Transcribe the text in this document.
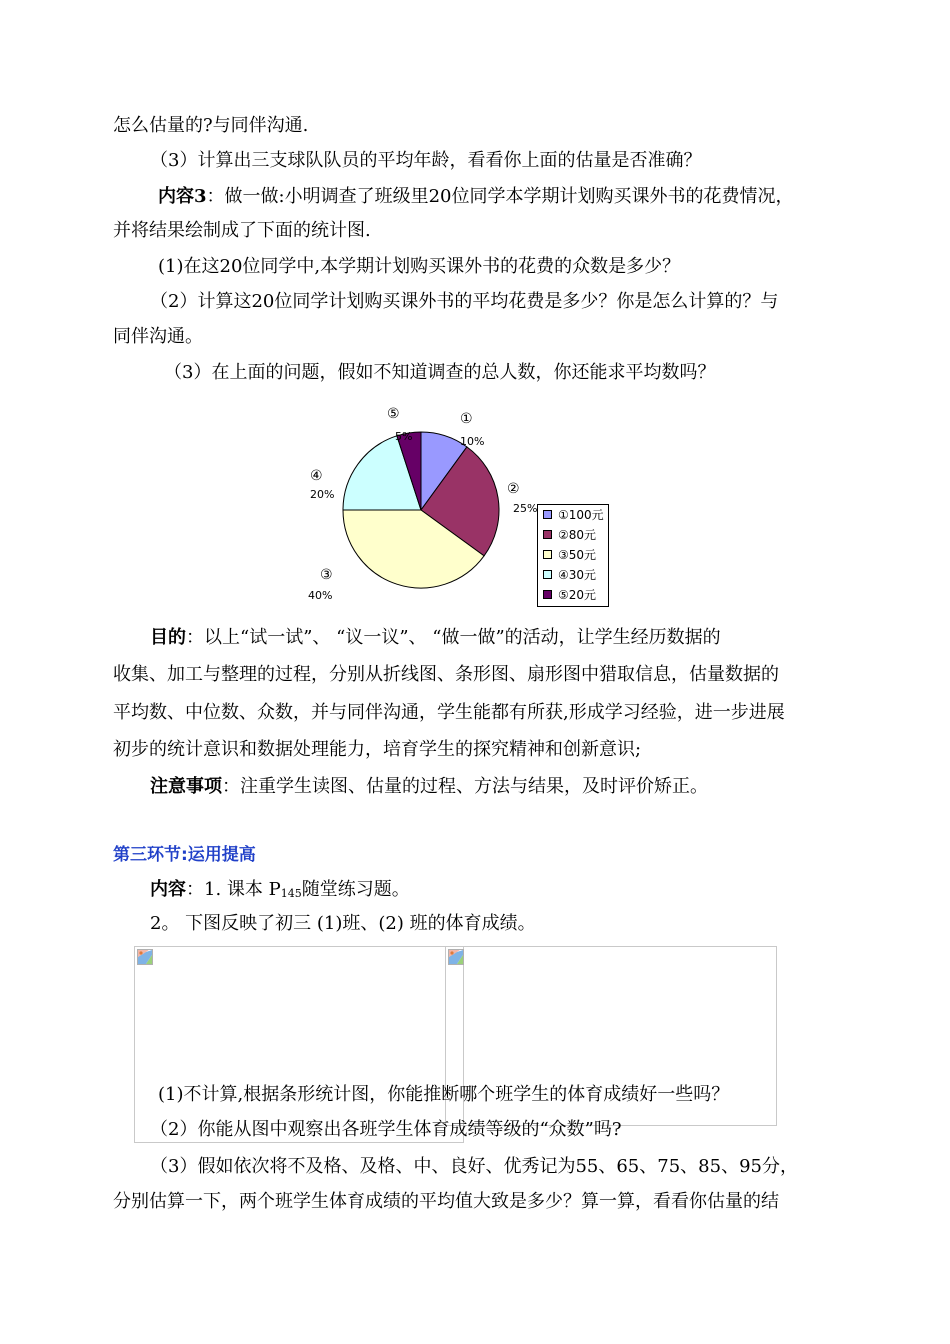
怎么估量的?与同伴沟通.
（3）计算出三支球队队员的平均年龄，看看你上面的估量是否准确？
内容3：做一做:小明调查了班级里20位同学本学期计划购买课外书的花费情况，
并将结果绘制成了下面的统计图.
(1)在这20位同学中,本学期计划购买课外书的花费的众数是多少？
（2）计算这20位同学计划购买课外书的平均花费是多少？你是怎么计算的？与
同伴沟通。
（3）在上面的问题，假如不知道调查的总人数，你还能求平均数吗？
①
10%
②
25%
③
40%
④
20%
⑤
5%
①100元
②80元
③50元
④30元
⑤20元
目的：以上“试一试”、 “议一议”、 “做一做”的活动，让学生经历数据的
收集、加工与整理的过程，分别从折线图、条形图、扇形图中猎取信息，估量数据的
平均数、中位数、众数，并与同伴沟通，学生能都有所获,形成学习经验，进一步进展
初步的统计意识和数据处理能力，培育学生的探究精神和创新意识;
注意事项：注重学生读图、估量的过程、方法与结果，及时评价矫正。
第三环节:运用提高
内容：1. 课本 $P_{145}$随堂练习题。
2。 下图反映了初三 (1)班、(2) 班的体育成绩。
(1)不计算,根据条形统计图，你能推断哪个班学生的体育成绩好一些吗？
（2）你能从图中观察出各班学生体育成绩等级的“众数”吗?
（3）假如依次将不及格、及格、中、良好、优秀记为55、65、75、85、95分，
分别估算一下，两个班学生体育成绩的平均值大致是多少？算一算，看看你估量的结
